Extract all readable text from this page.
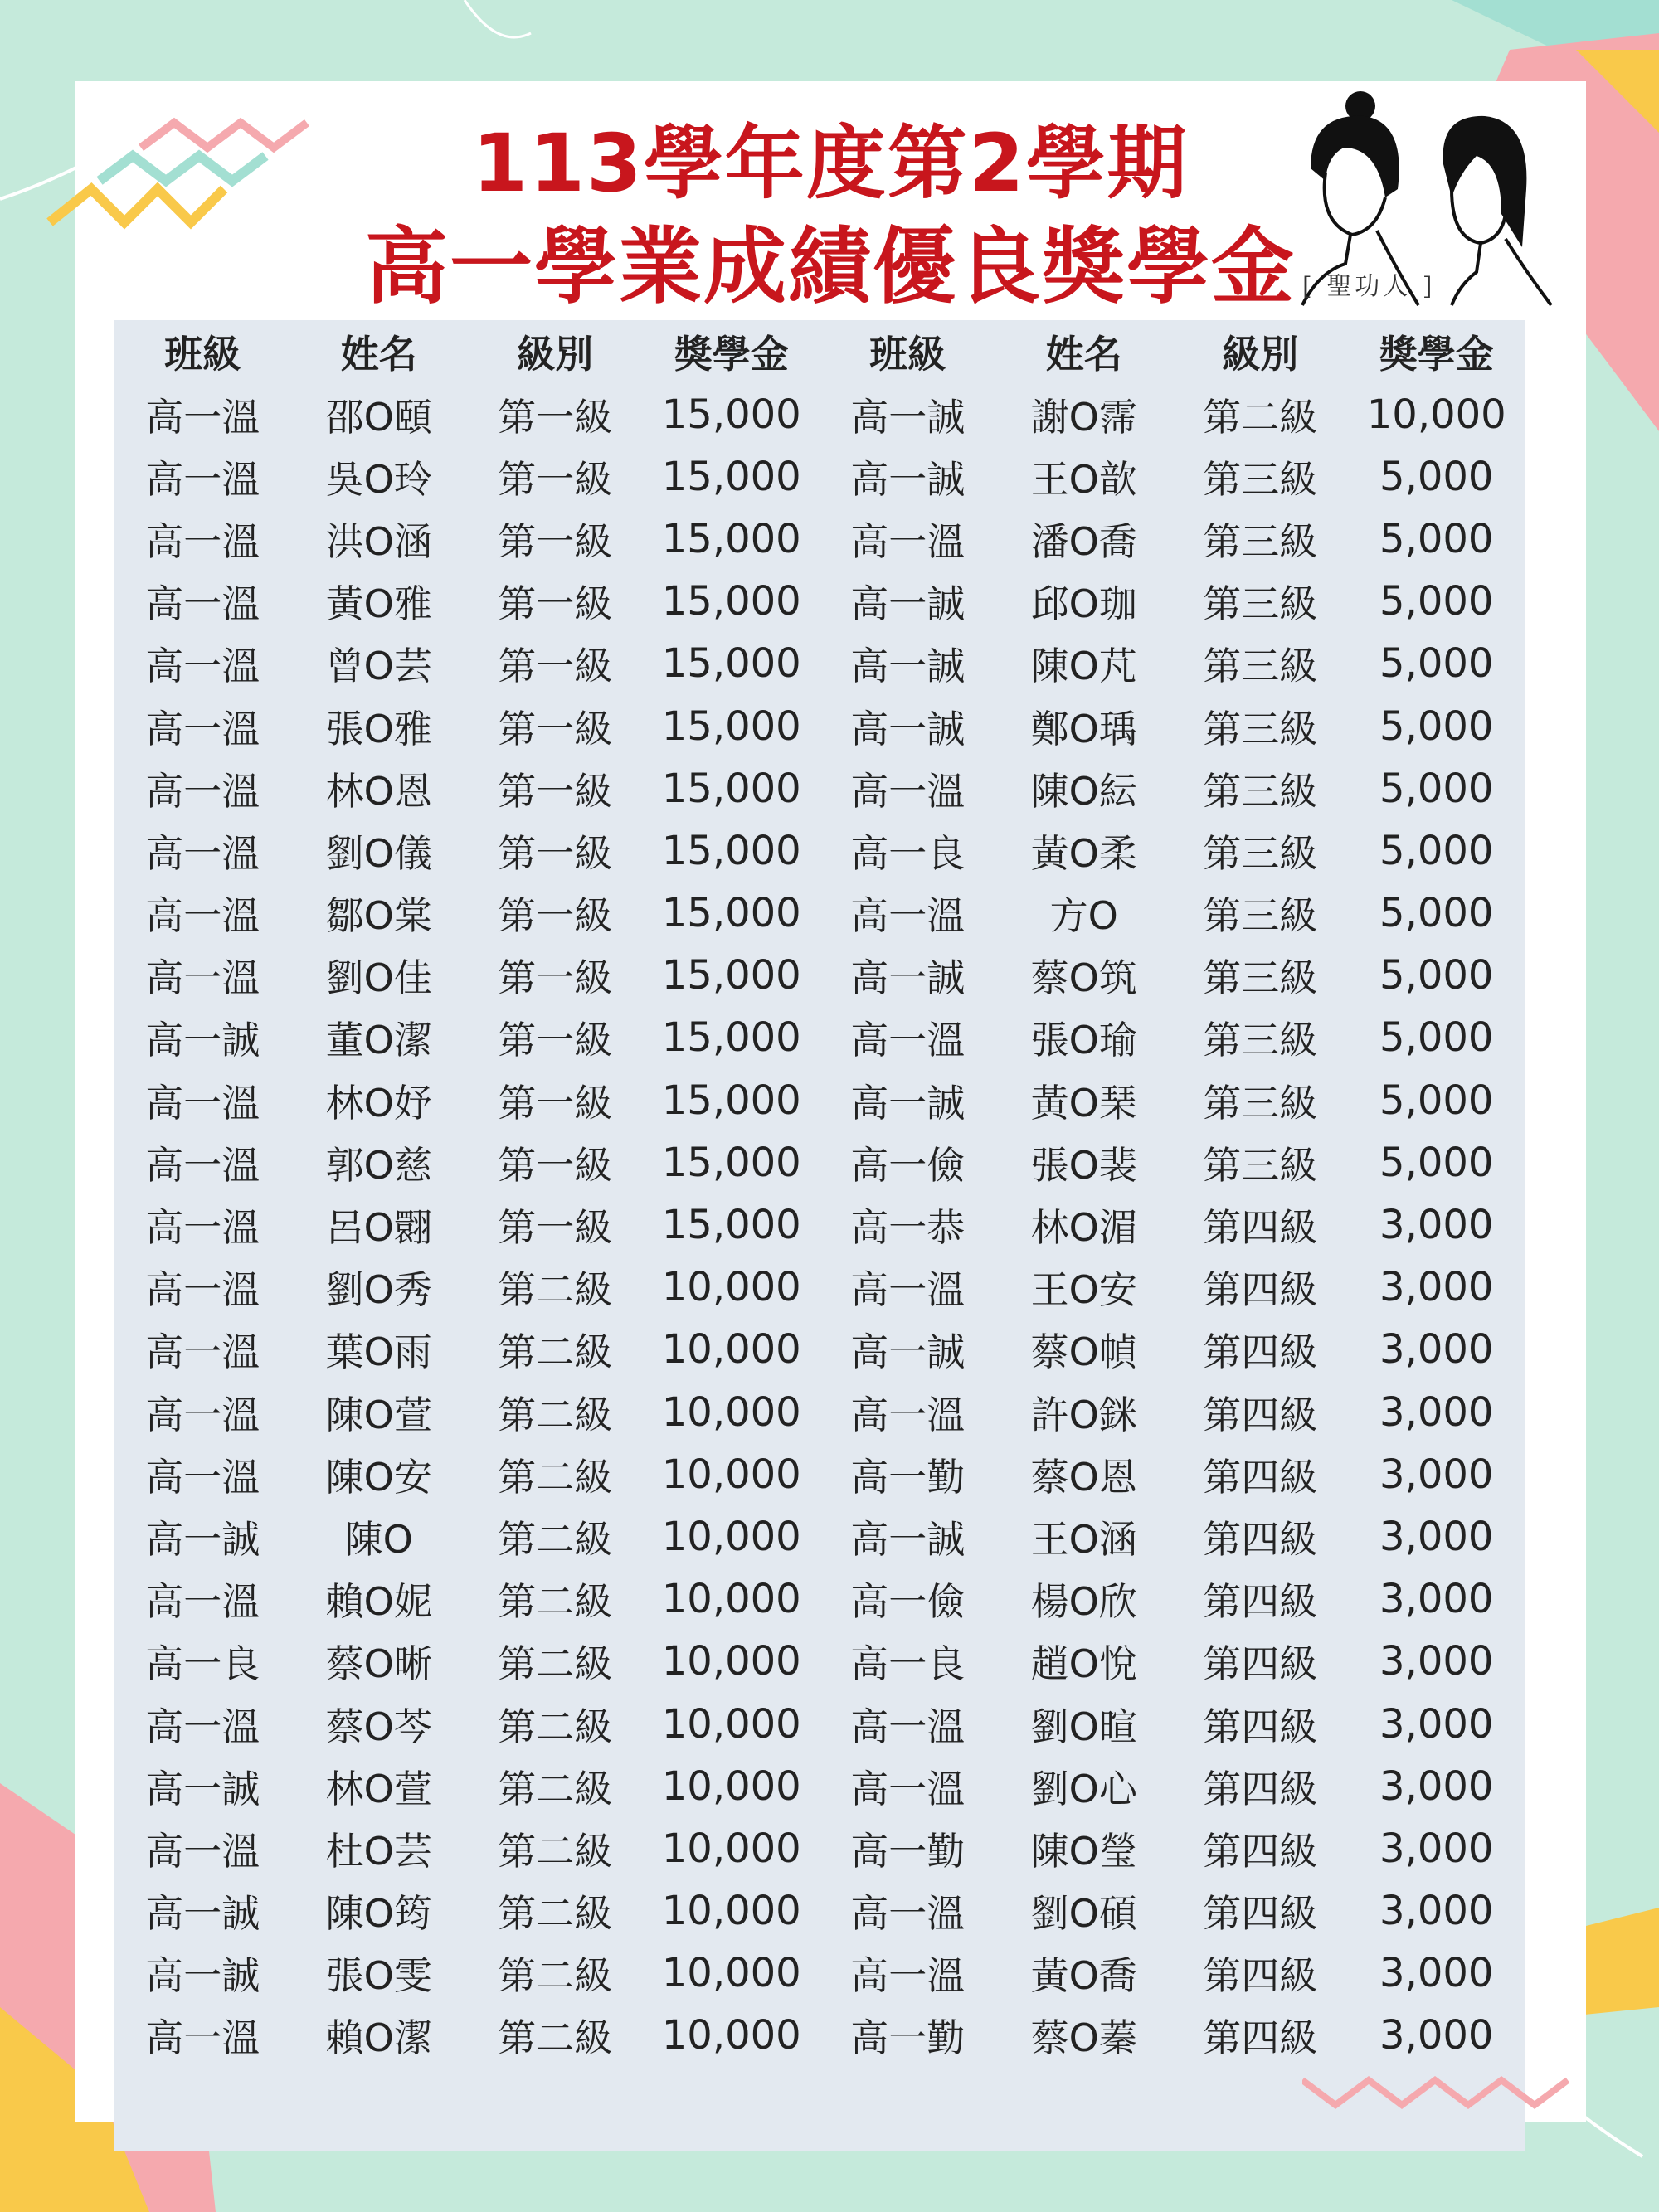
113學年度第2學期
高一學業成績優良獎學金 [ 聖功人 ]
班級	姓名	級別	獎學金	班級	姓名	級別	獎學金
高一溫	邵O頤	第一級	15,000	高一誠	謝O霈	第二級	10,000
高一溫	吳O玲	第一級	15,000	高一誠	王O歆	第三級	5,000
高一溫	洪O涵	第一級	15,000	高一溫	潘O喬	第三級	5,000
高一溫	黃O雅	第一級	15,000	高一誠	邱O珈	第三級	5,000
高一溫	曾O芸	第一級	15,000	高一誠	陳O芃	第三級	5,000
高一溫	張O雅	第一級	15,000	高一誠	鄭O瑀	第三級	5,000
高一溫	林O恩	第一級	15,000	高一溫	陳O紜	第三級	5,000
高一溫	劉O儀	第一級	15,000	高一良	黃O柔	第三級	5,000
高一溫	鄒O棠	第一級	15,000	高一溫	方O	第三級	5,000
高一溫	劉O佳	第一級	15,000	高一誠	蔡O筑	第三級	5,000
高一誠	董O潔	第一級	15,000	高一溫	張O瑜	第三級	5,000
高一溫	林O妤	第一級	15,000	高一誠	黃O琹	第三級	5,000
高一溫	郭O慈	第一級	15,000	高一儉	張O裴	第三級	5,000
高一溫	呂O翾	第一級	15,000	高一恭	林O湄	第四級	3,000
高一溫	劉O秀	第二級	10,000	高一溫	王O安	第四級	3,000
高一溫	葉O雨	第二級	10,000	高一誠	蔡O幀	第四級	3,000
高一溫	陳O萱	第二級	10,000	高一溫	許O銤	第四級	3,000
高一溫	陳O安	第二級	10,000	高一勤	蔡O恩	第四級	3,000
高一誠	陳O	第二級	10,000	高一誠	王O涵	第四級	3,000
高一溫	賴O妮	第二級	10,000	高一儉	楊O欣	第四級	3,000
高一良	蔡O晰	第二級	10,000	高一良	趙O悅	第四級	3,000
高一溫	蔡O芩	第二級	10,000	高一溫	劉O暄	第四級	3,000
高一誠	林O萱	第二級	10,000	高一溫	劉O心	第四級	3,000
高一溫	杜O芸	第二級	10,000	高一勤	陳O瑩	第四級	3,000
高一誠	陳O筠	第二級	10,000	高一溫	劉O碩	第四級	3,000
高一誠	張O雯	第二級	10,000	高一溫	黃O喬	第四級	3,000
高一溫	賴O潔	第二級	10,000	高一勤	蔡O蓁	第四級	3,000
